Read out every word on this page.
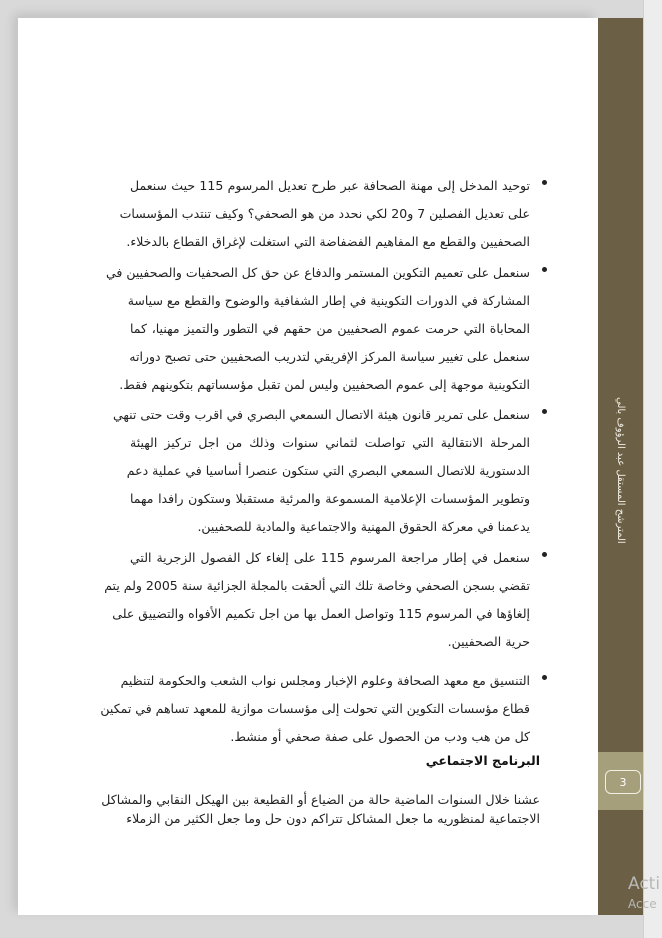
المترشح المستقل عبد الرؤوف بالي
3
توحيد المدخل إلى مهنة الصحافة عبر طرح تعديل المرسوم 115 حيث سنعمل
على تعديل الفصلين 7 و20 لكي نحدد من هو الصحفي؟ وكيف تنتدب المؤسسات
الصحفيين والقطع مع المفاهيم الفضفاضة التي استغلت لإغراق القطاع بالدخلاء.
سنعمل على تعميم التكوين المستمر والدفاع عن حق كل الصحفيات والصحفيين في
المشاركة في الدورات التكوينية في إطار الشفافية والوضوح والقطع مع سياسة
المحاباة التي حرمت عموم الصحفيين من حقهم في التطور والتميز مهنيا، كما
سنعمل على تغيير سياسة المركز الإفريقي لتدريب الصحفيين حتى تصبح دوراته
التكوينية موجهة إلى عموم الصحفيين وليس لمن تقبل مؤسساتهم بتكوينهم فقط.
سنعمل على تمرير قانون هيئة الاتصال السمعي البصري في اقرب وقت حتى تنهي
المرحلة الانتقالية التي تواصلت لثماني سنوات وذلك من اجل تركيز الهيئة
الدستورية للاتصال السمعي البصري التي ستكون عنصرا أساسيا في عملية دعم
وتطوير المؤسسات الإعلامية المسموعة والمرئية مستقبلا وستكون رافدا مهما
يدعمنا في معركة الحقوق المهنية والاجتماعية والمادية للصحفيين.
سنعمل في إطار مراجعة المرسوم 115 على إلغاء كل الفصول الزجرية التي
تقضي بسجن الصحفي وخاصة تلك التي ألحقت بالمجلة الجزائية سنة 2005 ولم يتم
إلغاؤها في المرسوم 115 وتواصل العمل بها من اجل تكميم الأفواه والتضييق على
حرية الصحفيين.
التنسيق مع معهد الصحافة وعلوم الإخبار ومجلس نواب الشعب والحكومة لتنظيم
قطاع مؤسسات التكوين التي تحولت إلى مؤسسات موازية للمعهد تساهم في تمكين
كل من هب ودب من الحصول على صفة صحفي أو منشط.
البرنامج الاجتماعي
عشنا خلال السنوات الماضية حالة من الضياع أو القطيعة بين الهيكل النقابي والمشاكل
الاجتماعية لمنظوريه ما جعل المشاكل تتراكم دون حل وما جعل الكثير من الزملاء
Acti
Acce
